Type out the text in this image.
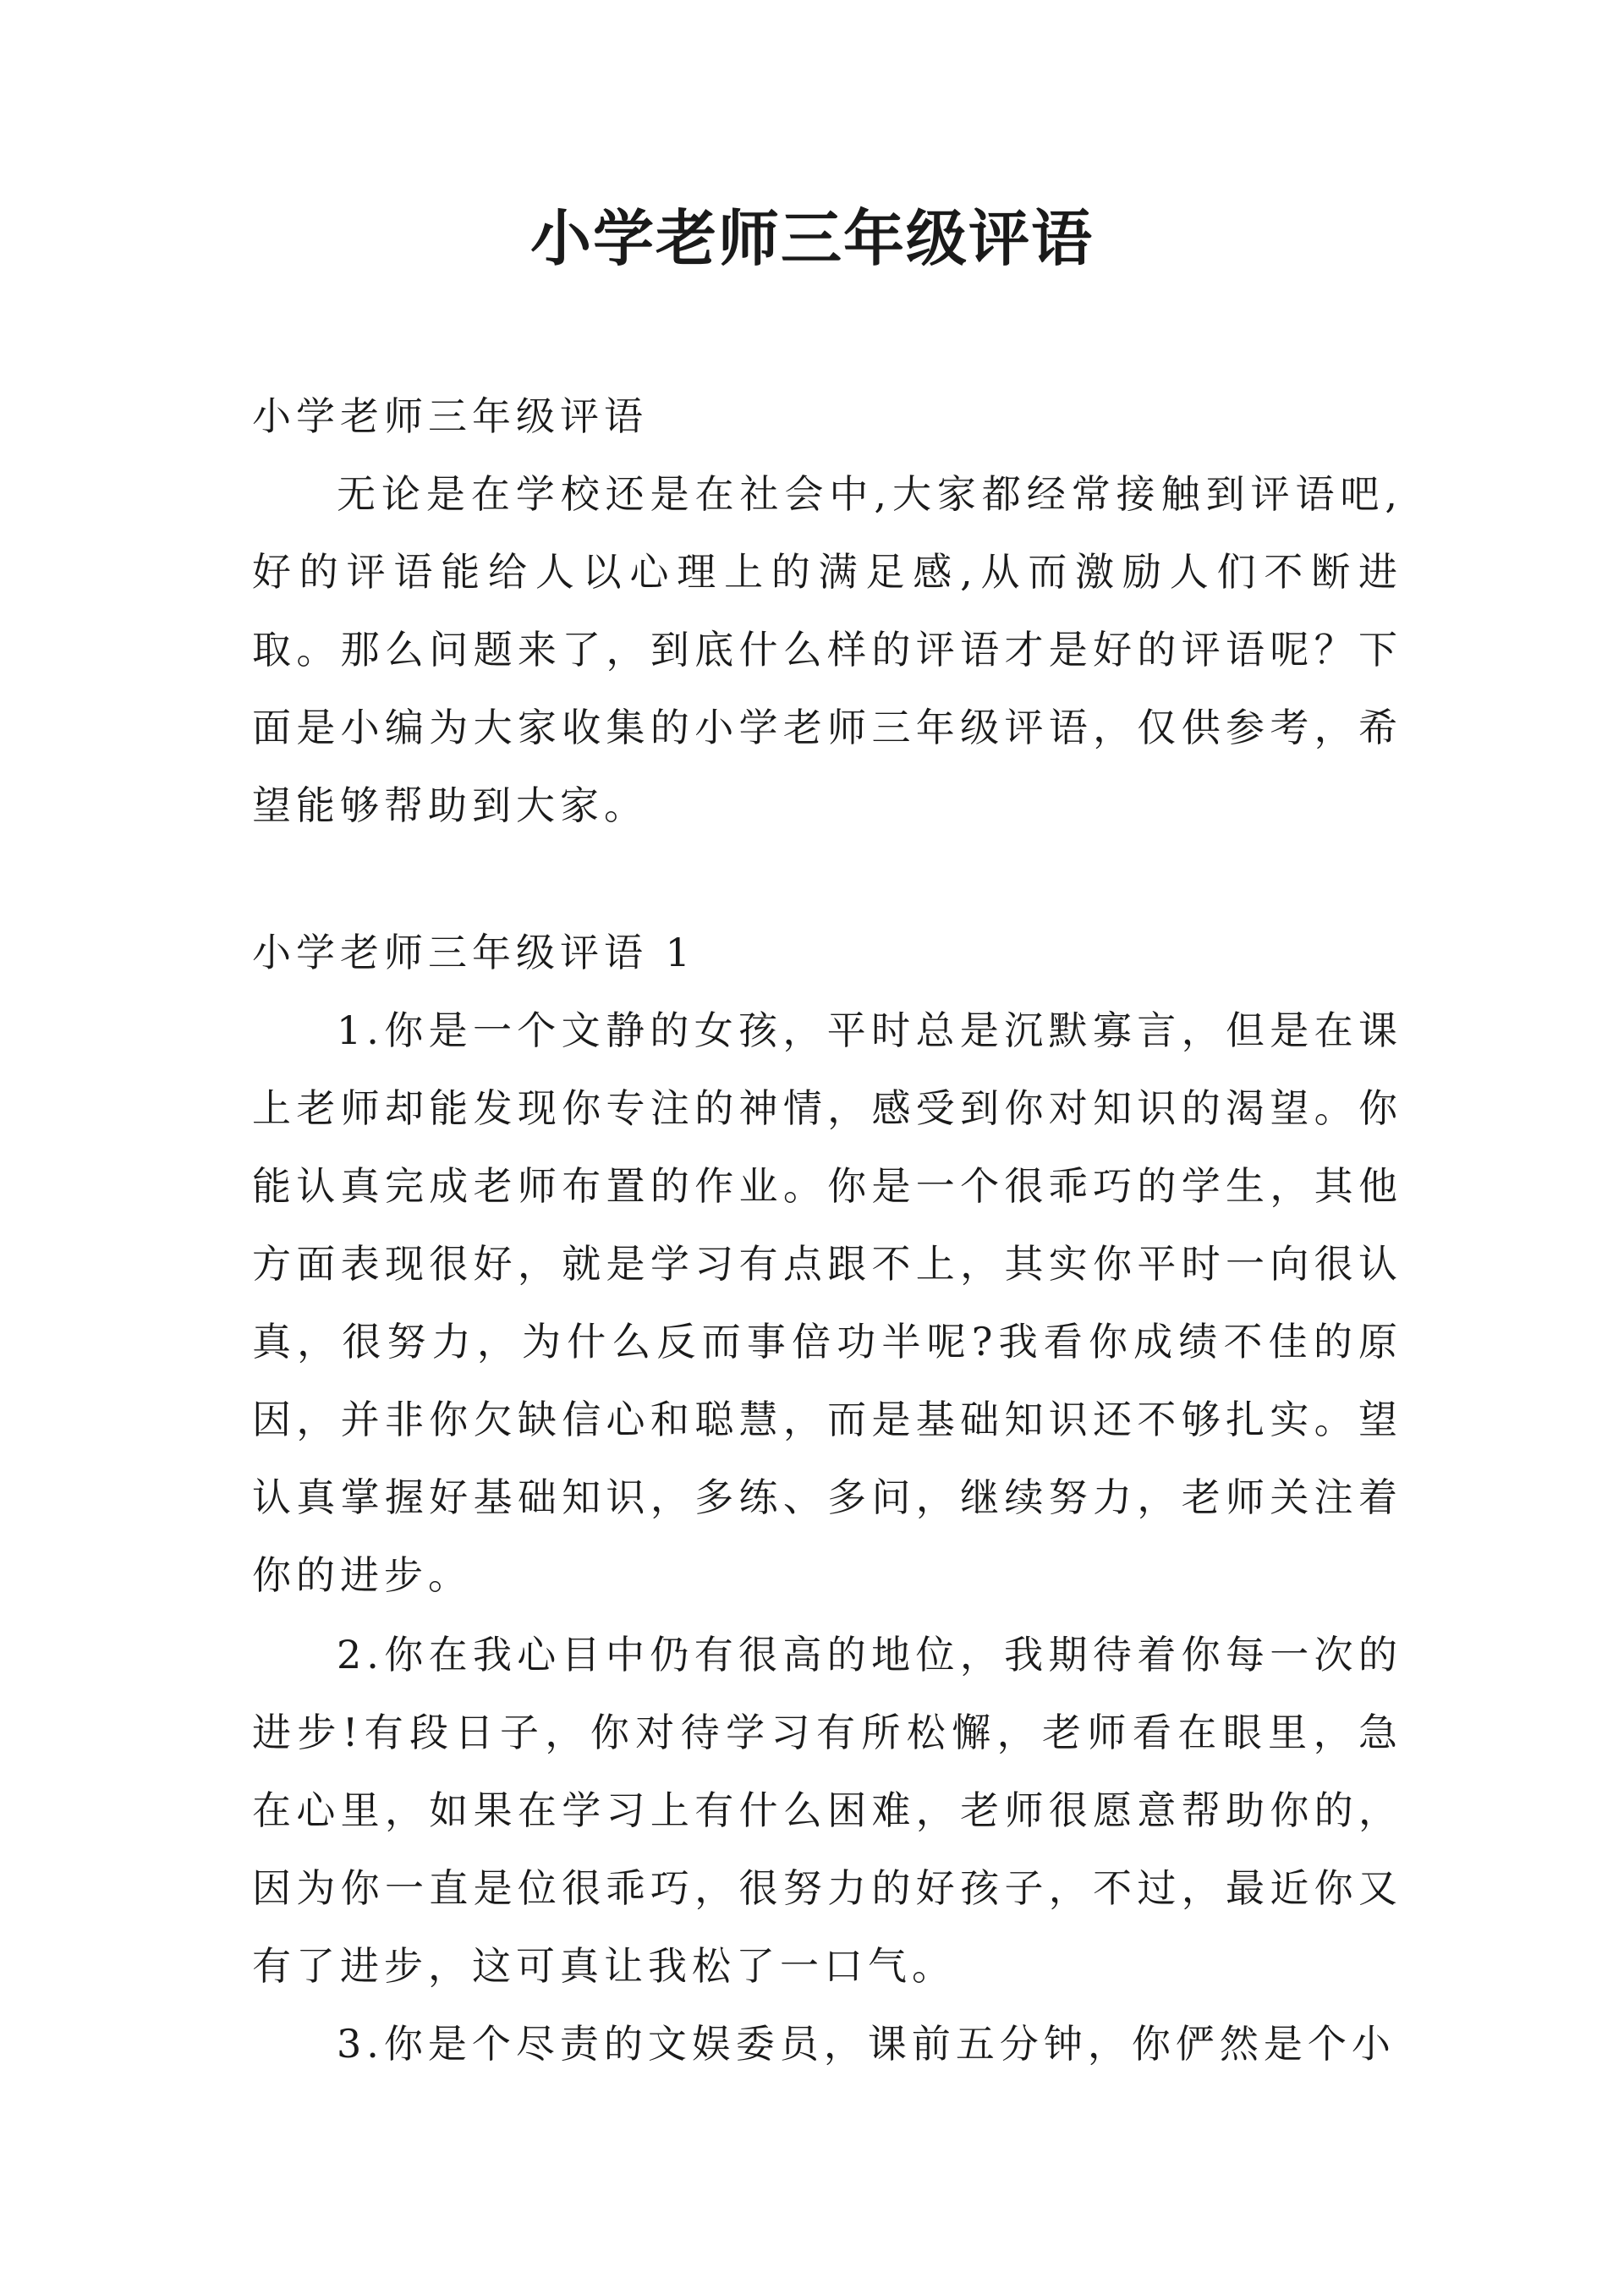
小学老师三年级评语

小学老师三年级评语

无论是在学校还是在社会中,大家都经常接触到评语吧,好的评语能给人以心理上的满足感,从而激励人们不断进取。那么问题来了，到底什么样的评语才是好的评语呢？下面是小编为大家收集的小学老师三年级评语，仅供参考，希望能够帮助到大家。

小学老师三年级评语 1

1.你是一个文静的女孩，平时总是沉默寡言，但是在课上老师却能发现你专注的神情，感受到你对知识的渴望。你能认真完成老师布置的作业。你是一个很乖巧的学生，其他方面表现很好，就是学习有点跟不上，其实你平时一向很认真，很努力，为什么反而事倍功半呢?我看你成绩不佳的原因，并非你欠缺信心和聪慧，而是基础知识还不够扎实。望认真掌握好基础知识，多练、多问，继续努力，老师关注着你的进步。

2.你在我心目中仍有很高的地位，我期待着你每一次的进步!有段日子，你对待学习有所松懈，老师看在眼里，急在心里，如果在学习上有什么困难，老师很愿意帮助你的，因为你一直是位很乖巧，很努力的好孩子，不过，最近你又有了进步，这可真让我松了一口气。

3.你是个尽责的文娱委员，课前五分钟，你俨然是个小
